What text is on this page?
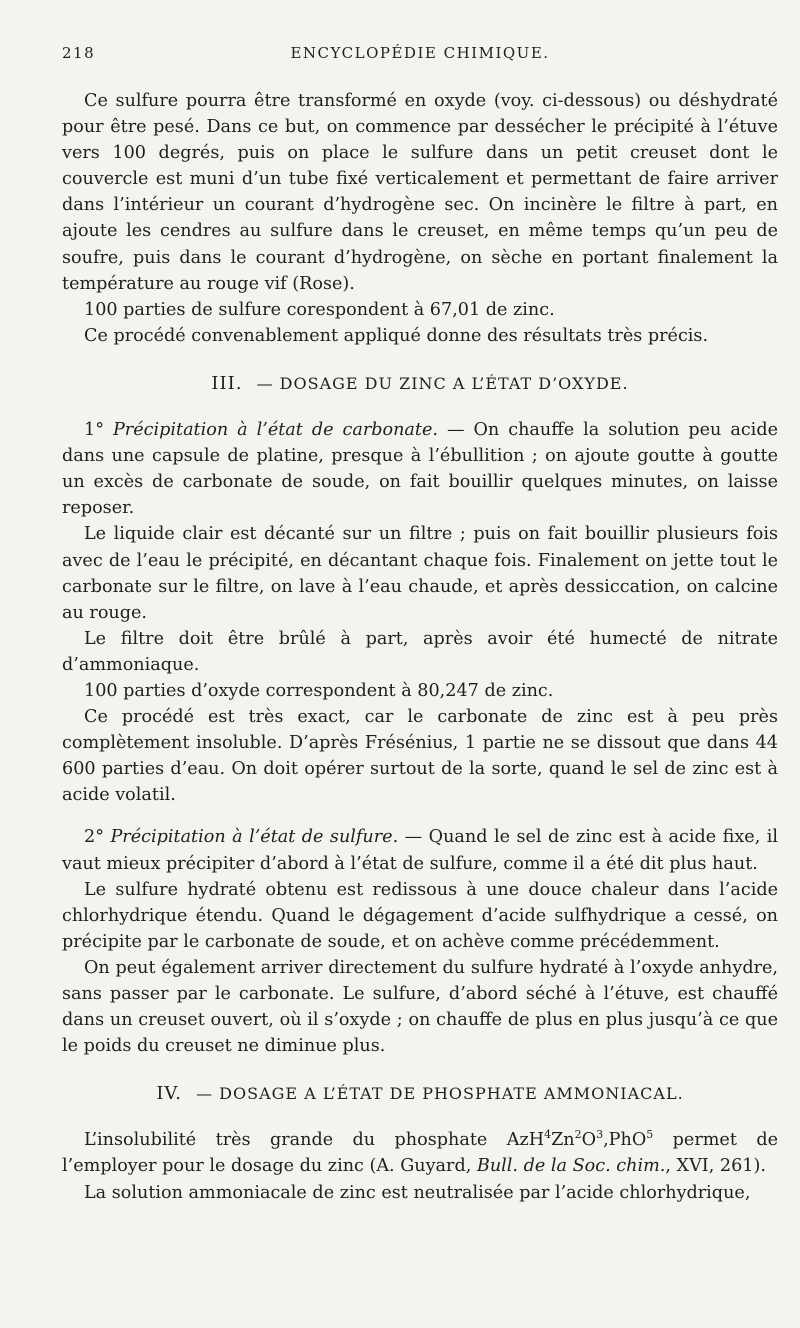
218	ENCYCLOPÉDIE CHIMIQUE.

Ce sulfure pourra être transformé en oxyde (voy. ci-dessous) ou déshydraté pour être pesé. Dans ce but, on commence par dessécher le précipité à l’étuve vers 100 degrés, puis on place le sulfure dans un petit creuset dont le couvercle est muni d’un tube fixé verticalement et permettant de faire arriver dans l’intérieur un courant d’hydrogène sec. On incinère le filtre à part, en ajoute les cendres au sulfure dans le creuset, en même temps qu’un peu de soufre, puis dans le courant d’hydrogène, on sèche en portant finalement la température au rouge vif (Rose).

100 parties de sulfure corespondent à 67,01 de zinc.

Ce procédé convenablement appliqué donne des résultats très précis.

III. — DOSAGE DU ZINC A L’ÉTAT D’OXYDE.

1° Précipitation à l’état de carbonate. — On chauffe la solution peu acide dans une capsule de platine, presque à l’ébullition ; on ajoute goutte à goutte un excès de carbonate de soude, on fait bouillir quelques minutes, on laisse reposer.

Le liquide clair est décanté sur un filtre ; puis on fait bouillir plusieurs fois avec de l’eau le précipité, en décantant chaque fois. Finalement on jette tout le carbonate sur le filtre, on lave à l’eau chaude, et après dessiccation, on calcine au rouge.

Le filtre doit être brûlé à part, après avoir été humecté de nitrate d’ammoniaque.

100 parties d’oxyde correspondent à 80,247 de zinc.

Ce procédé est très exact, car le carbonate de zinc est à peu près complètement insoluble. D’après Frésénius, 1 partie ne se dissout que dans 44 600 parties d’eau. On doit opérer surtout de la sorte, quand le sel de zinc est à acide volatil.

2° Précipitation à l’état de sulfure. — Quand le sel de zinc est à acide fixe, il vaut mieux précipiter d’abord à l’état de sulfure, comme il a été dit plus haut.

Le sulfure hydraté obtenu est redissous à une douce chaleur dans l’acide chlorhydrique étendu. Quand le dégagement d’acide sulfhydrique a cessé, on précipite par le carbonate de soude, et on achève comme précédemment.

On peut également arriver directement du sulfure hydraté à l’oxyde anhydre, sans passer par le carbonate. Le sulfure, d’abord séché à l’étuve, est chauffé dans un creuset ouvert, où il s’oxyde ; on chauffe de plus en plus jusqu’à ce que le poids du creuset ne diminue plus.

IV. — DOSAGE A L’ÉTAT DE PHOSPHATE AMMONIACAL.

L’insolubilité très grande du phosphate $AzH^4Zn^2O^3,PhO^5$ permet de l’employer pour le dosage du zinc (A. Guyard, Bull. de la Soc. chim., XVI, 261).

La solution ammoniacale de zinc est neutralisée par l’acide chlorhydrique,
